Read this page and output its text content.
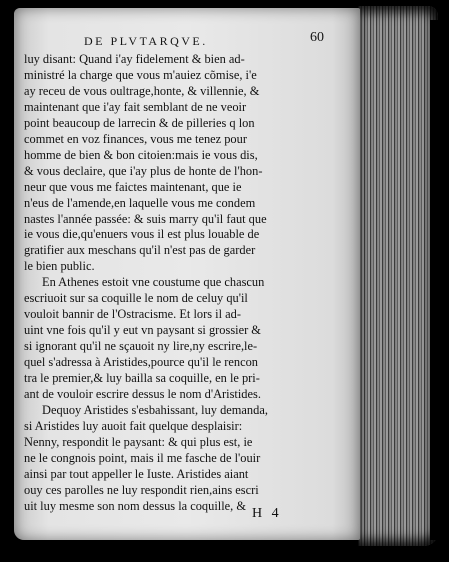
DE PLVTARQVE.	60
luy disant: Quand i'ay fidelement & bien ad-
ministré la charge que vous m'auiez cõmise, i'e
ay receu de vous oultrage,honte, & villennie, &
maintenant que i'ay fait semblant de ne veoir
point beaucoup de larrecin & de pilleries q lon
commet en voz finances, vous me tenez pour
homme de bien & bon citoien:mais ie vous dis,
& vous declaire, que i'ay plus de honte de l'hon-
neur que vous me faictes maintenant, que ie
n'eus de l'amende,en laquelle vous me condem
nastes l'année passée: & suis marry qu'il faut que
ie vous die,qu'enuers vous il est plus louable de
gratifier aux meschans qu'il n'est pas de garder
le bien public.
En Athenes estoit vne coustume que chascun
escriuoit sur sa coquille le nom de celuy qu'il
vouloit bannir de l'Ostracisme. Et lors il ad-
uint vne fois qu'il y eut vn paysant si grossier &
si ignorant qu'il ne sçauoit ny lire,ny escrire,le-
quel s'adressa à Aristides,pource qu'il le rencon
tra le premier,& luy bailla sa coquille, en le pri-
ant de vouloir escrire dessus le nom d'Aristides.
Dequoy Aristides s'esbahissant, luy demanda,
si Aristides luy auoit fait quelque desplaisir:
Nenny, respondit le paysant: & qui plus est, ie
ne le congnois point, mais il me fasche de l'ouir
ainsi par tout appeller le Iuste. Aristides aiant
ouy ces parolles ne luy respondit rien,ains escri
uit luy mesme son nom dessus la coquille, &
H 4
